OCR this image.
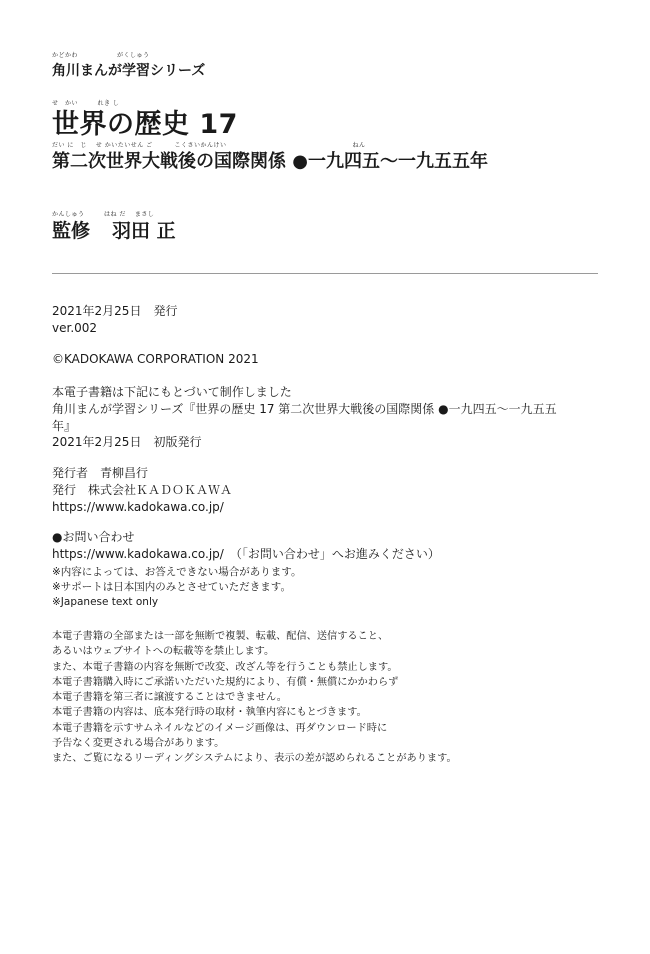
かどかわ　　　　　　がくしゅう
角川まんが学習シリーズ
せ　かい　　　れき し
世界の歴史 17
だい に　じ　 せ かいたいせん ご　　　 こくさいかんけい　　　　　　　　　　　　　　　　　　　 ねん
第二次世界大戦後の国際関係 ●一九四五〜一九五五年
かんしゅう　　　はね だ　 まさし
監修 羽田 正
2021年2月25日　発行
ver.002
©KADOKAWA CORPORATION 2021
本電子書籍は下記にもとづいて制作しました
角川まんが学習シリーズ『世界の歴史 17 第二次世界大戦後の国際関係 ●一九四五〜一九五五
年』
2021年2月25日　初版発行
発行者　青柳昌行
発行　株式会社ＫＡＤＯＫＡＷＡ
https://www.kadokawa.co.jp/
●お問い合わせ
https://www.kadokawa.co.jp/　（「お問い合わせ」へお進みください）
※内容によっては、お答えできない場合があります。
※サポートは日本国内のみとさせていただきます。
※Japanese text only
本電子書籍の全部または一部を無断で複製、転載、配信、送信すること、
あるいはウェブサイトへの転載等を禁止します。
また、本電子書籍の内容を無断で改変、改ざん等を行うことも禁止します。
本電子書籍購入時にご承諾いただいた規約により、有償・無償にかかわらず
本電子書籍を第三者に譲渡することはできません。
本電子書籍の内容は、底本発行時の取材・執筆内容にもとづきます。
本電子書籍を示すサムネイルなどのイメージ画像は、再ダウンロード時に
予告なく変更される場合があります。
また、ご覧になるリーディングシステムにより、表示の差が認められることがあります。
